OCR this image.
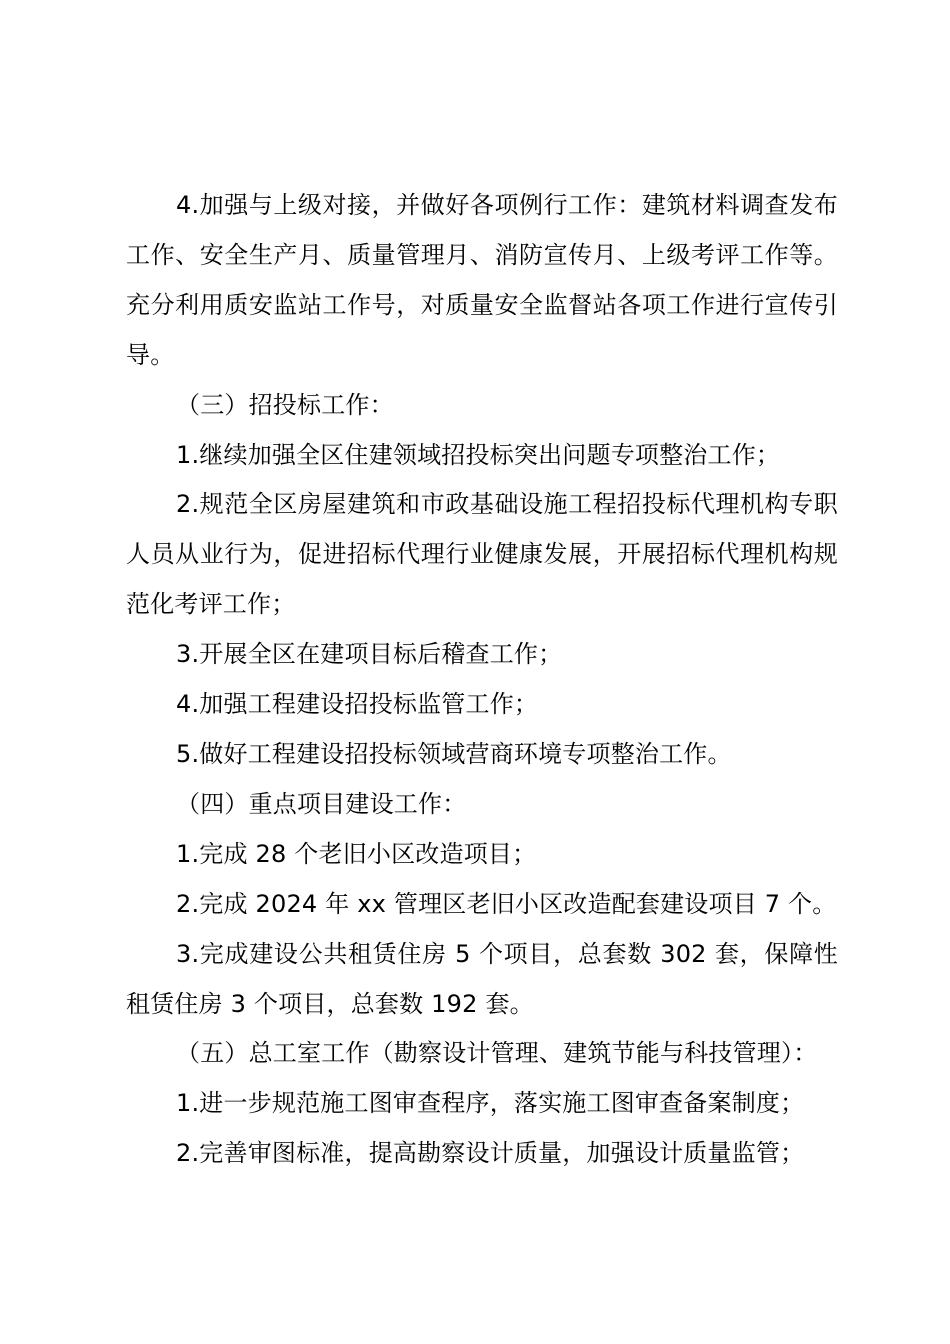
4.加强与上级对接，并做好各项例行工作：建筑材料调查发布工作、安全生产月、质量管理月、消防宣传月、上级考评工作等。充分利用质安监站工作号，对质量安全监督站各项工作进行宣传引导。

（三）招投标工作：

1.继续加强全区住建领域招投标突出问题专项整治工作；

2.规范全区房屋建筑和市政基础设施工程招投标代理机构专职人员从业行为，促进招标代理行业健康发展，开展招标代理机构规范化考评工作；

3.开展全区在建项目标后稽查工作；

4.加强工程建设招投标监管工作；

5.做好工程建设招投标领域营商环境专项整治工作。

（四）重点项目建设工作：

1.完成 28 个老旧小区改造项目；

2.完成 2024 年 xx 管理区老旧小区改造配套建设项目 7 个。

3.完成建设公共租赁住房 5 个项目，总套数 302 套，保障性租赁住房 3 个项目，总套数 192 套。

（五）总工室工作（勘察设计管理、建筑节能与科技管理）：

1.进一步规范施工图审查程序，落实施工图审查备案制度；

2.完善审图标准，提高勘察设计质量，加强设计质量监管；
